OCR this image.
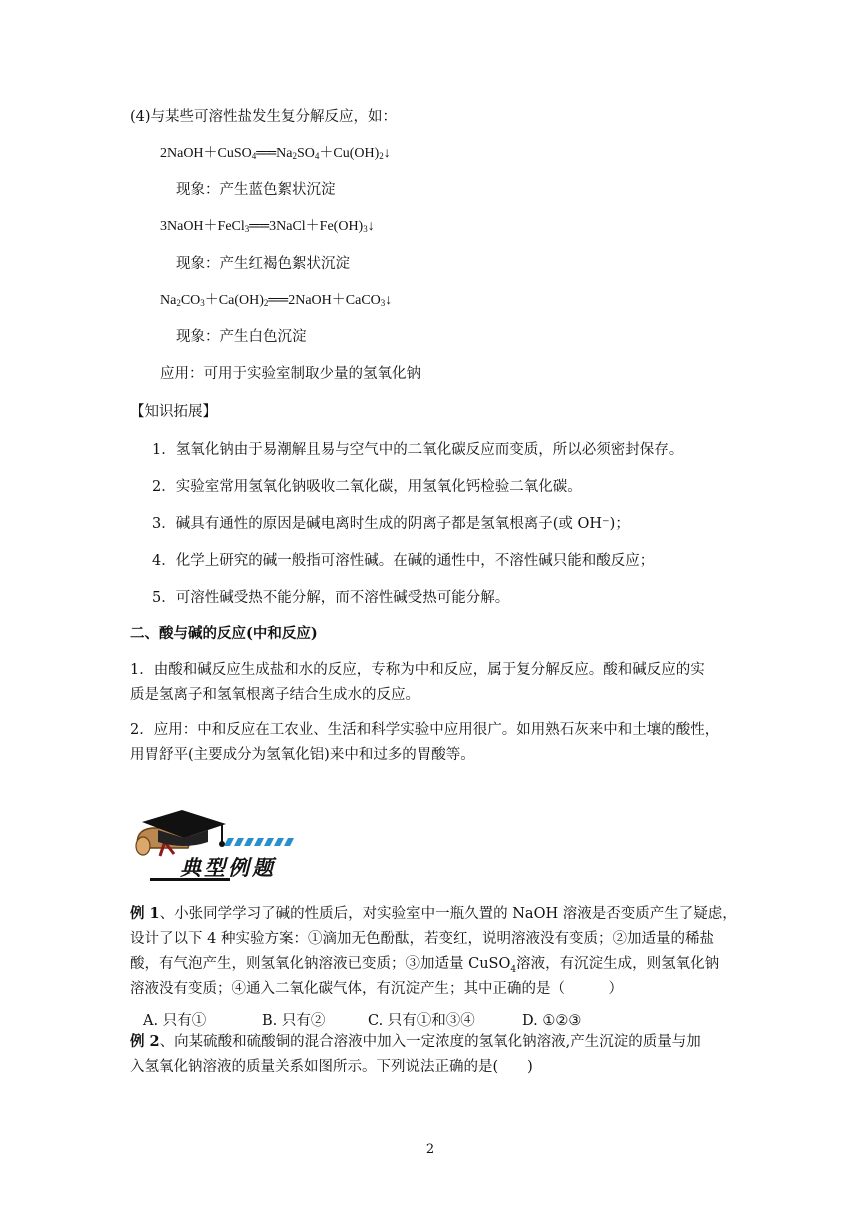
(4)与某些可溶性盐发生复分解反应，如：
$2NaOH+CuSO_4══Na_2SO_4+Cu(OH)_2↓$
现象：产生蓝色絮状沉淀
$3NaOH+FeCl_3══3NaCl+Fe(OH)_3↓$
现象：产生红褐色絮状沉淀
$Na_2CO_3+Ca(OH)_2══2NaOH+CaCO_3↓$
现象：产生白色沉淀
应用：可用于实验室制取少量的氢氧化钠
【知识拓展】
1．氢氧化钠由于易潮解且易与空气中的二氧化碳反应而变质，所以必须密封保存。
2．实验室常用氢氧化钠吸收二氧化碳，用氢氧化钙检验二氧化碳。
3．碱具有通性的原因是碱电离时生成的阴离子都是氢氧根离子(或 OH⁻)；
4．化学上研究的碱一般指可溶性碱。在碱的通性中，不溶性碱只能和酸反应；
5．可溶性碱受热不能分解，而不溶性碱受热可能分解。
二、酸与碱的反应(中和反应)
1．由酸和碱反应生成盐和水的反应，专称为中和反应，属于复分解反应。酸和碱反应的实
质是氢离子和氢氧根离子结合生成水的反应。
2．应用：中和反应在工农业、生活和科学实验中应用很广。如用熟石灰来中和土壤的酸性，
用胃舒平(主要成分为氢氧化铝)来中和过多的胃酸等。
典型例题
例 1、小张同学学习了碱的性质后，对实验室中一瓶久置的 NaOH 溶液是否变质产生了疑虑，
设计了以下 4 种实验方案：①滴加无色酚酞，若变红，说明溶液没有变质；②加适量的稀盐
酸，有气泡产生，则氢氧化钠溶液已变质；③加适量 CuSO$_4$溶液，有沉淀生成，则氢氧化钠
溶液没有变质；④通入二氧化碳气体，有沉淀产生；其中正确的是（　　　）
A. 只有①	B. 只有②	C. 只有①和③④	D. ①②③
例 2、向某硫酸和硫酸铜的混合溶液中加入一定浓度的氢氧化钠溶液,产生沉淀的质量与加
入氢氧化钠溶液的质量关系如图所示。下列说法正确的是(　　)
2
